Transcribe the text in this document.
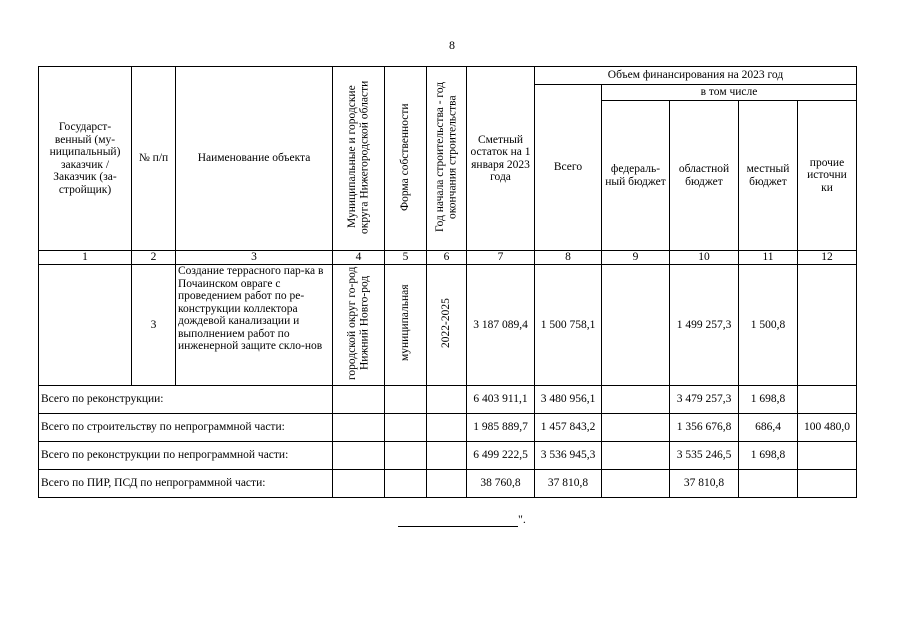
8
Государст-венный (му-ниципальный) заказчик / Заказчик (за-стройщик)	№ п/п	Наименование объекта	Муниципальные и городские округа Нижегородской области	Форма собственности	Год начала строительства - год окончания строительства	Сметный остаток на 1 января 2023 года	Объем финансирования на 2023 год				
							Всего	в том числе			
								федераль-ный бюджет	областной бюджет	местный бюджет	прочие источни ки
1	2	3	4	5	6	7	8	9	10	11	12
	3	Создание террасного пар-ка в Почаинском овраге с проведением работ по ре-конструкции коллектора дождевой канализации и выполнением работ по инженерной защите скло-нов	городской округ го-род Нижний Новго-род	муниципальная	2022-2025	3 187 089,4	1 500 758,1		1 499 257,3	1 500,8	
Всего по реконструкции:						6 403 911,1	3 480 956,1		3 479 257,3	1 698,8	
Всего по строительству по непрограммной части:						1 985 889,7	1 457 843,2		1 356 676,8	686,4	100 480,0
Всего по реконструкции по непрограммной части:						6 499 222,5	3 536 945,3		3 535 246,5	1 698,8	
Всего по ПИР, ПСД по непрограммной части:						38 760,8	37 810,8		37 810,8		
".
